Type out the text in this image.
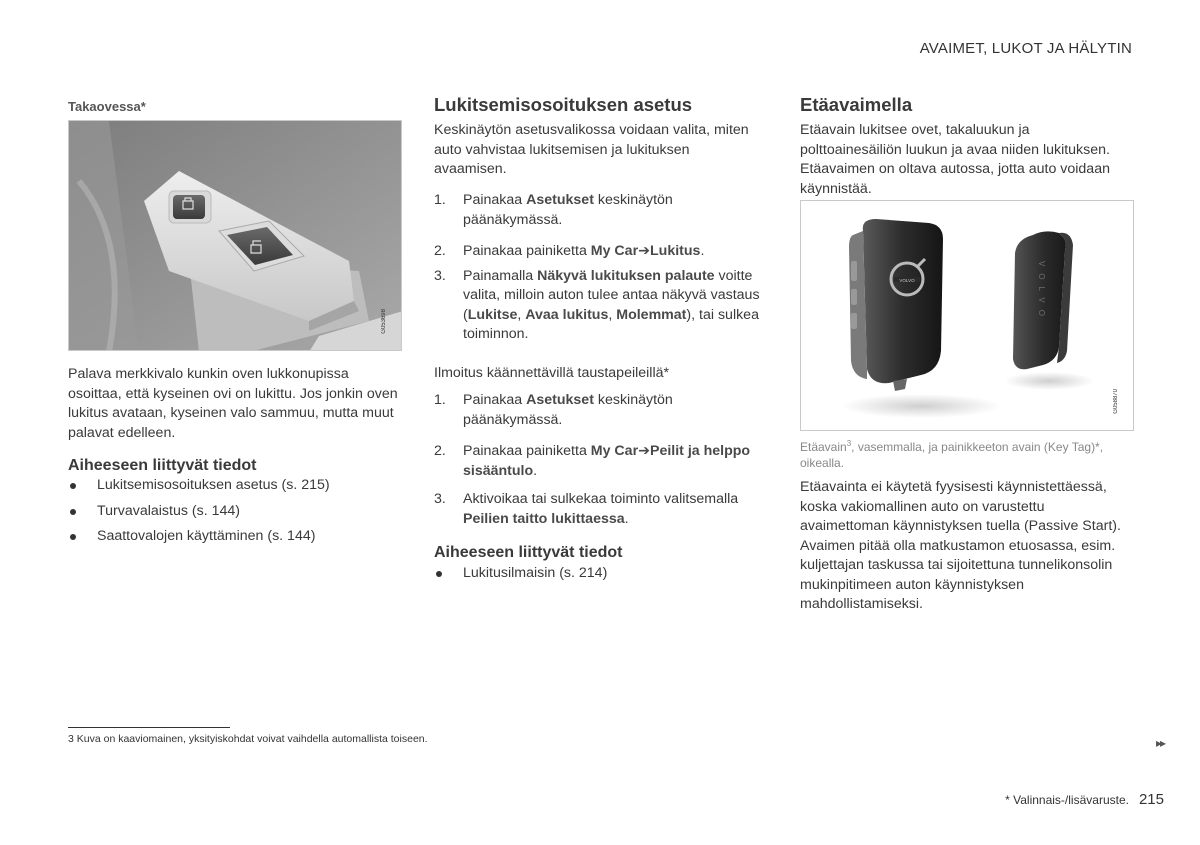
AVAIMET, LUKOT JA HÄLYTIN
Takaovessa*
G053698

Palava merkkivalo kunkin oven lukkonupissa osoittaa, että kyseinen ovi on lukittu. Jos jonkin oven lukitus avataan, kyseinen valo sammuu, mutta muut palavat edelleen.

Aiheeseen liittyvät tiedot
Lukitsemisosoituksen asetus (s. 215)
Turvavalaistus (s. 144)
Saattovalojen käyttäminen (s. 144)
Lukitsemisosoituksen asetus

Keskinäytön asetusvalikossa voidaan valita, miten auto vahvistaa lukitsemisen ja lukituksen avaamisen.

1. Painakaa Asetukset keskinäytön päänäkymässä.
2. Painakaa painiketta My Car➔Lukitus.
3. Painamalla Näkyvä lukituksen palaute voitte valita, milloin auton tulee antaa näkyvä vastaus (Lukitse, Avaa lukitus, Molemmat), tai sulkea toiminnon.

Ilmoitus käännettävillä taustapeileillä*

1. Painakaa Asetukset keskinäytön päänäkymässä.
2. Painakaa painiketta My Car➔Peilit ja helppo sisääntulo.
3. Aktivoikaa tai sulkekaa toiminto valitsemalla Peilien taitto lukittaessa.
Aiheeseen liittyvät tiedot
Lukitusilmaisin (s. 214)
Etäavaimella

Etäavain lukitsee ovet, takaluukun ja polttoainesäiliön luukun ja avaa niiden lukituksen. Etäavaimen on oltava autossa, jotta auto voidaan käynnistää.

VOLVO	VOLVO
G058870
Etäavain$^3$, vasemmalla, ja painikkeeton avain (Key Tag)*, oikealla.

Etäavainta ei käytetä fyysisesti käynnistettäessä, koska vakiomallinen auto on varustettu avaimettoman käynnistyksen tuella (Passive Start). Avaimen pitää olla matkustamon etuosassa, esim. kuljettajan taskussa tai sijoitettuna tunnelikonsolin mukinpitimeen auton käynnistyksen mahdollistamiseksi.

3 Kuva on kaaviomainen, yksityiskohdat voivat vaihdella automallista toiseen.	▸▸
* Valinnais-/lisävaruste. 215
